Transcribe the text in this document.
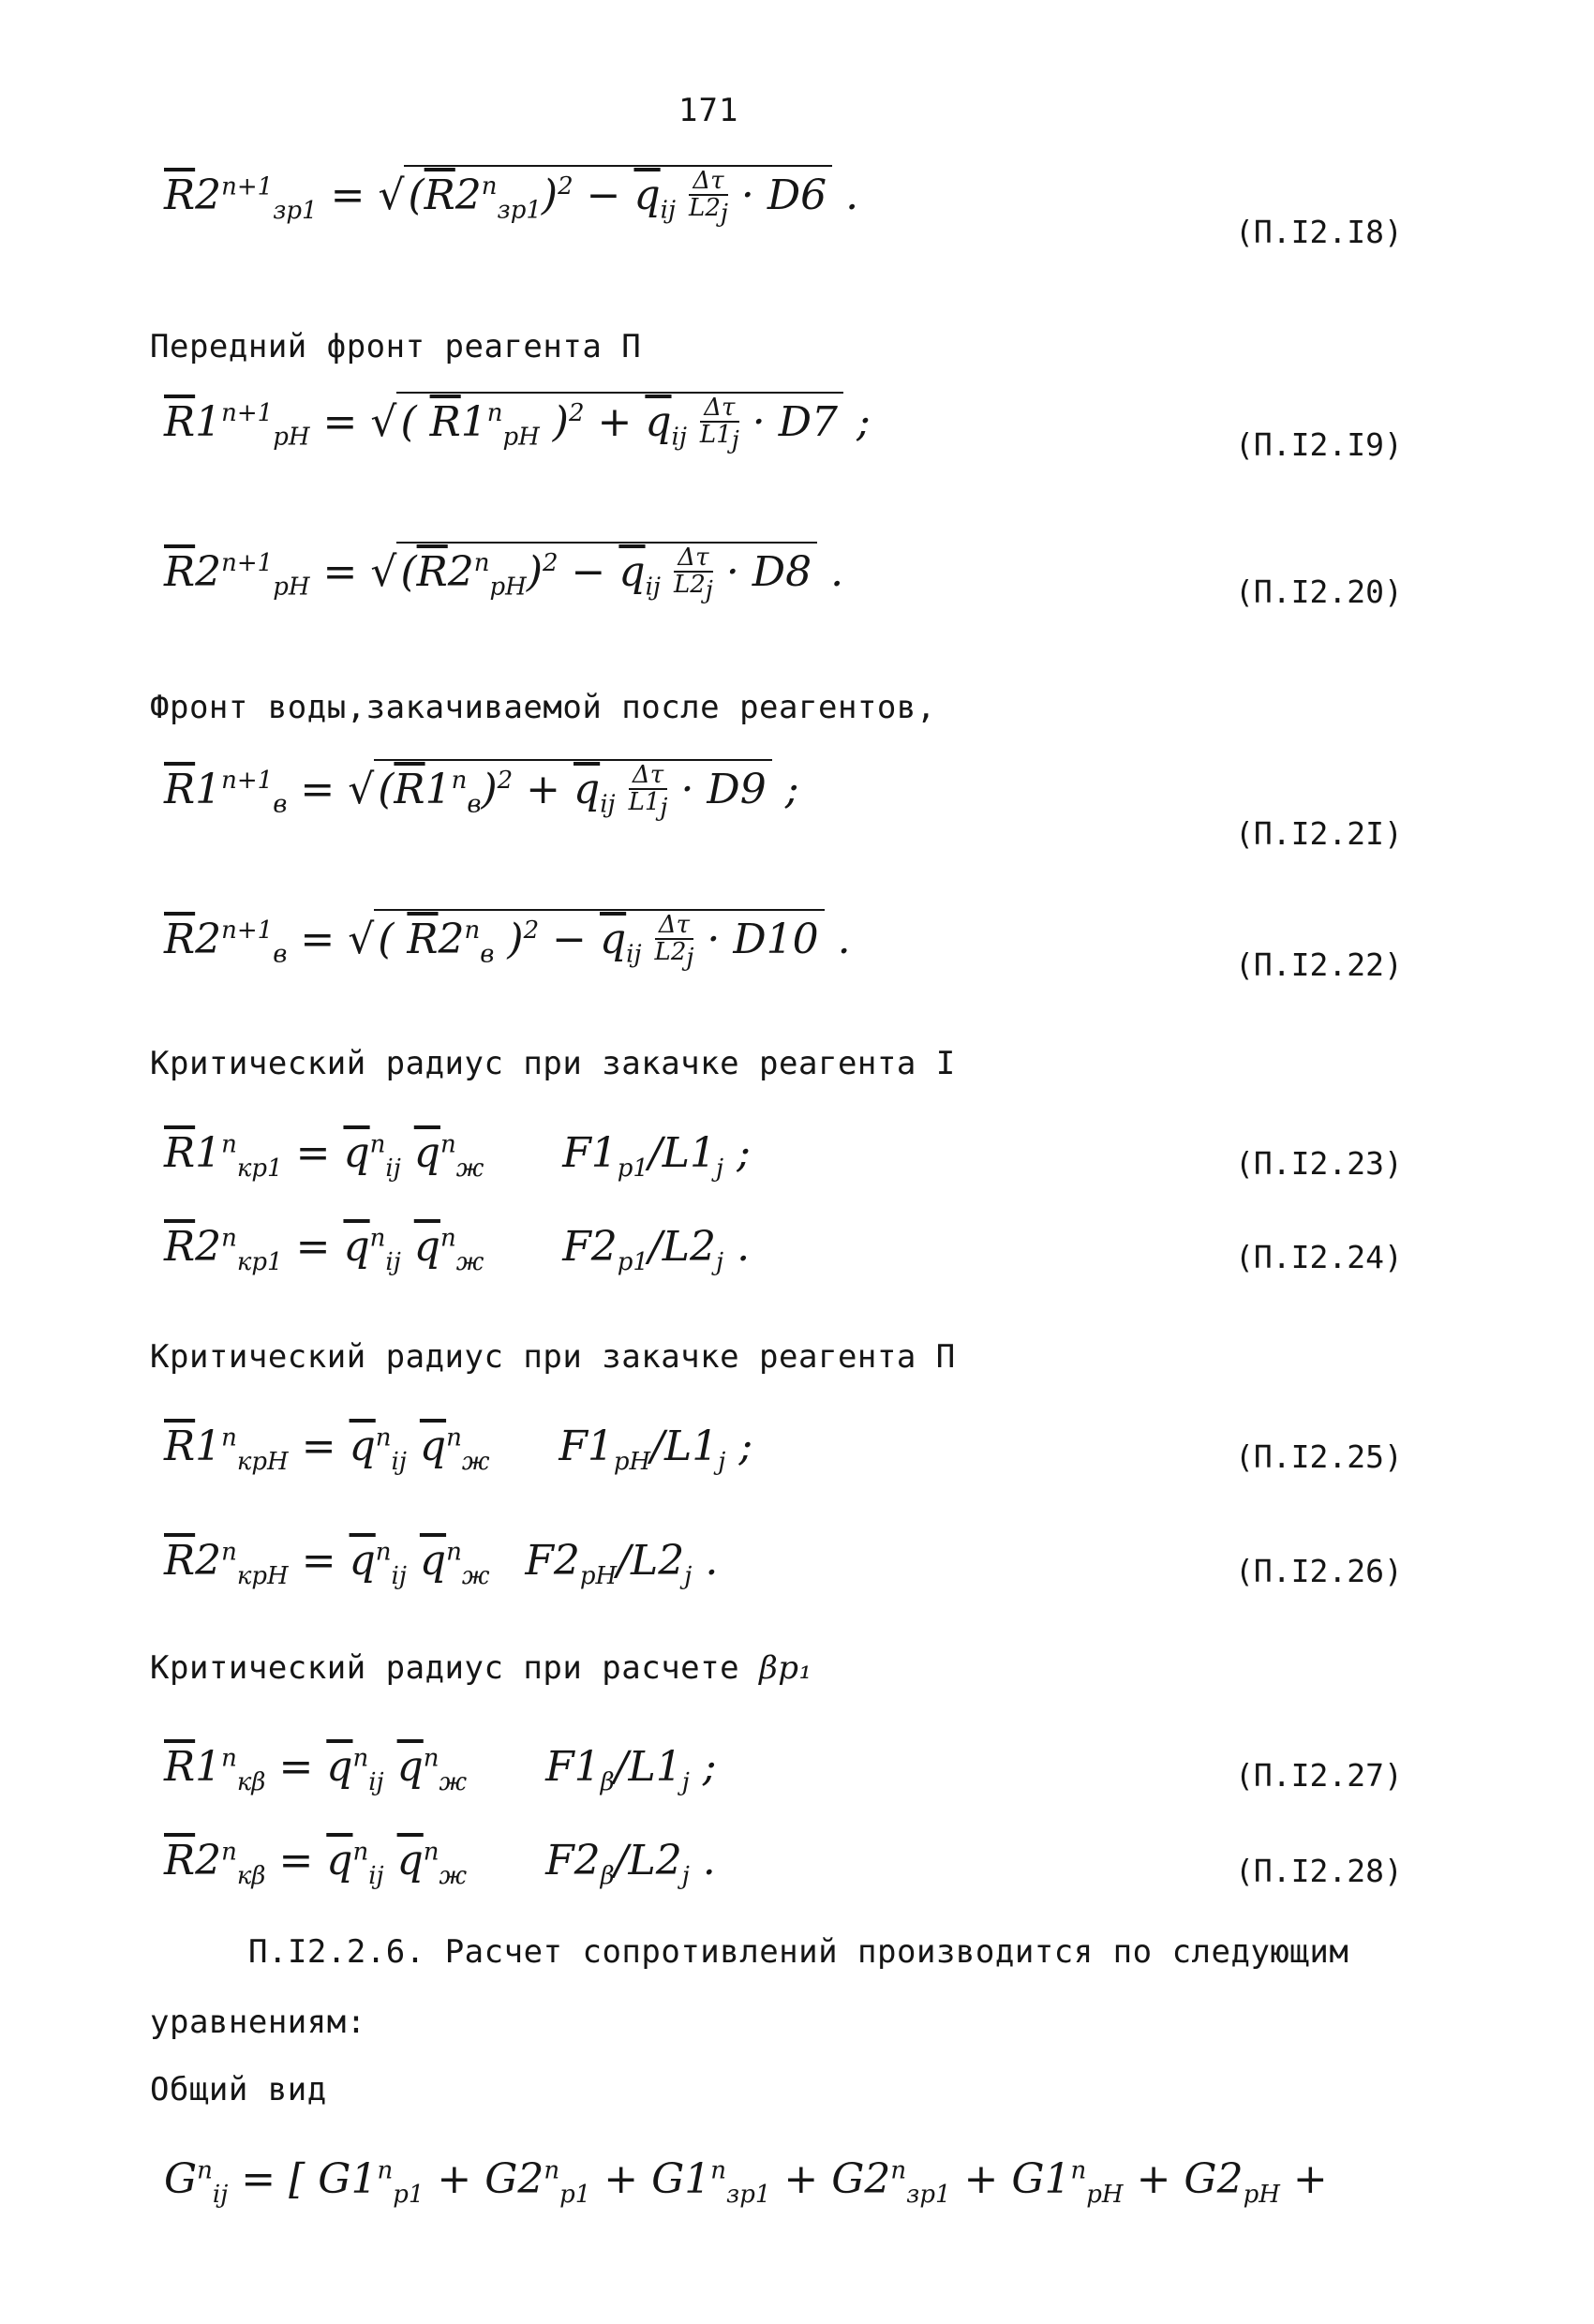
171
$\overline{R}2^{n+1}_{зр1} = √(\overline{R}2^n_{зр1})^2 - \overline{q}_{ij} \frac{\Delta\tau}{L2_j} \cdot D6$ .
(П.I2.I8)
Передний фронт реагента П
$\overline{R}1^{n+1}_{рН}$ = √( $\overline{R}1^n_{рН}$ )$^2 + \overline{q}_{ij} \frac{\Delta\tau}{L1_j} \cdot D7$ ;	(П.I2.I9)
$\overline{R}2^{n+1}_{рН} = √(\overline{R}2^n_{рН})^2 - \overline{q}_{ij} \frac{\Delta\tau}{L2_j} \cdot D8$ .	(П.I2.20)
Фронт воды,закачиваемой после реагентов,
$\overline{R}1^{n+1}_в = √(\overline{R}1^n_в)^2 + \overline{q}_{ij} \frac{\Delta\tau}{L1_j} \cdot D9$ ;
(П.I2.2I)
$\overline{R}2^{n+1}_в$ = √( $\overline{R}2^n_в$ )$^2 - \overline{q}_{ij} \frac{\Delta\tau}{L2_j} \cdot D10$ .
(П.I2.22)
Критический радиус при закачке реагента I
$\overline{R}1^n_{кр1} = \overline{q}^n_{ij}$ $\overline{q}^n_ж$ $F1_{р1}/L1_j$ ;	(П.I2.23)
$\overline{R}2^n_{кр1} = \overline{q}^n_{ij}$ $\overline{q}^n_ж$ $F2_{р1}/L2_j$ .	(П.I2.24)
Критический радиус при закачке реагента П
$\overline{R}1^n_{крН} = \overline{q}^n_{ij}$ $\overline{q}^n_ж$ $F1_{рН}/L1_j$ ;	(П.I2.25)
$\overline{R}2^n_{крН} = \overline{q}^n_{ij}$ $\overline{q}^n_ж$ $F2_{рН}/L2_j$ .	(П.I2.26)
Критический радиус при расчете βр₁
$\overline{R}1^n_{к\beta} = \overline{q}^n_{ij}$ $\overline{q}^n_ж$ $F1_\beta/L1_j$ ;	(П.I2.27)
$\overline{R}2^n_{к\beta} = \overline{q}^n_{ij}$ $\overline{q}^n_ж$ $F2_\beta/L2_j$ .	(П.I2.28)
П.I2.2.6. Расчет сопротивлений производится по следующим
уравнениям:
Общий вид
$G^n_{ij}$ = [ $G1^n_{р1} + G2^n_{р1} + G1^n_{зр1} + G2^n_{зр1} + G1^n_{рН} + G2_{рН}$ +
